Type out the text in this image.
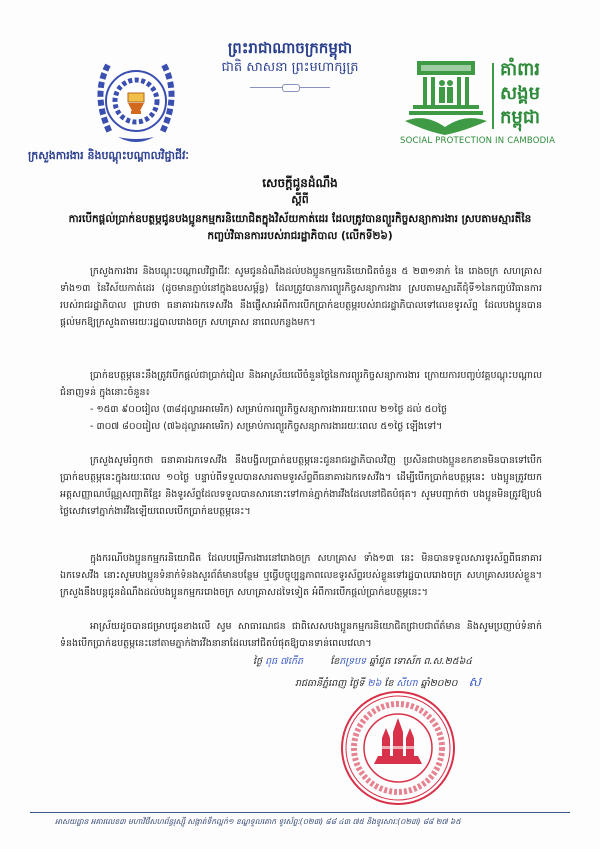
ព្រះរាជាណាចក្រកម្ពុជា
ជាតិ សាសនា ព្រះមហាក្សត្រ	គាំពារ សង្គម កម្ពុជា
SOCIAL PROTECTION IN CAMBODIA
ក្រសួងការងារ និងបណ្តុះបណ្តាលវិជ្ជាជីវៈ
សេចក្តីជូនដំណឹង
ស្តីពី
ការបើកផ្តល់ប្រាក់ឧបត្ថម្ភជូនបងប្អូនកម្មករនិយោជិតក្នុងវិស័យកាត់ដេរ ដែលត្រូវបានព្យួរកិច្ចសន្យាការងារ ស្របតាមស្មារតីនៃកញ្ចប់វិធានការរបស់រាជរដ្ឋាភិបាល (លើកទី២៦)
ក្រសួងការងារ និងបណ្តុះបណ្តាលវិជ្ជាជីវៈ សូមជូនដំណឹងដល់បងប្អូនកម្មករនិយោជិតចំនួន ៥ ២៣១នាក់ នៃ រោងចក្រ សហគ្រាស ទាំង១៣ នៃវិស័យកាត់ដេរ (ដូចមានភ្ជាប់នៅក្នុងឧបសម្ព័ន្ធ) ដែលត្រូវបានការព្យួរកិច្ចសន្យាការងារ ស្របតាមស្មារតីជុំទី១នៃកញ្ចប់វិធានការរបស់រាជរដ្ឋាភិបាល ជ្រាបថា ធនាគារឯកទេសវីង នឹងផ្ញើសារអំពីការបើកប្រាក់ឧបត្ថម្ភរបស់រាជរដ្ឋាភិបាលទៅលេខទូរស័ព្ទ ដែលបងប្អូនបានផ្តល់មកឱ្យក្រសួងតាមរយៈរដ្ឋបាលរោងចក្រ សហគ្រាស នាពេលកន្លងមក។
ប្រាក់ឧបត្ថម្ភនេះនឹងត្រូវបើកផ្តល់ជាប្រាក់រៀល និងអាស្រ័យលើចំនួនថ្ងៃនៃការព្យួរកិច្ចសន្យាការងារ ក្រោយការបញ្ចប់វគ្គបណ្តុះបណ្តាលជំនាញទន់ ក្នុងនោះចំនួន៖
- ១៥៣ ៩០០រៀល (៣៨ដុល្លារអាមេរិក) សម្រាប់ការព្យួរកិច្ចសន្យាការងាររយៈពេល ២១ថ្ងៃ ដល់ ៥០ថ្ងៃ
- ៣០៧ ៨០០រៀល (៧៦ដុល្លារអាមេរិក) សម្រាប់ការព្យួរកិច្ចសន្យាការងាររយៈពេល ៥១ថ្ងៃ ឡើងទៅ។
ក្រសួងសូមរំឭកថា ធនាគារឯកទេសវីង នឹងបង្វិលប្រាក់ឧបត្ថម្ភនេះជូនរាជរដ្ឋាភិបាលវិញ ប្រសិនជាបងប្អូនខកខានមិនបានទៅបើកប្រាក់ឧបត្ថម្ភនេះក្នុងរយៈពេល ១០ថ្ងៃ បន្ទាប់ពីទទួលបានសារតាមទូរស័ព្ទពីធនាគារឯកទេសវីង។ ដើម្បីបើកប្រាក់ឧបត្ថម្ភនេះ បងប្អូនត្រូវយកអត្តសញ្ញាណប័ណ្ណសញ្ជាតិខ្មែរ និងទូរស័ព្ទដែលទទួលបានសារនោះទៅកាន់ភ្នាក់ងារវីងដែលនៅជិតបំផុត។ សូមបញ្ជាក់ថា បងប្អូនមិនត្រូវឱ្យបង់ថ្លៃសេវាទៅភ្នាក់ងារវីងឡើយពេលបើកប្រាក់ឧបត្ថម្ភនេះ។
ក្នុងករណីបងប្អូនកម្មករនិយោជិត ដែលបម្រើការងារនៅរោងចក្រ សហគ្រាស ទាំង១៣ នេះ មិនបានទទួលសារទូរស័ព្ទពីធនាគារឯកទេសវីង នោះសូមបងប្អូនទំនាក់ទំនងសួរព័ត៌មានបន្ថែម ឬធ្វើបច្ចុប្បន្នភាពលេខទូរស័ព្ទរបស់ខ្លួនទៅរដ្ឋបាលរោងចក្រ សហគ្រាសរបស់ខ្លួន។ ក្រសួងនឹងបន្តជូនដំណឹងដល់បងប្អូនកម្មកររោងចក្រ សហគ្រាសដទៃទៀត អំពីការបើកផ្តល់ប្រាក់ឧបត្ថម្ភនេះ។
អាស្រ័យដូចបានជម្រាបជូនខាងលើ សូម សាធារណជន ជាពិសេសបងប្អូនកម្មករនិយោជិតជ្រាបជាព័ត៌មាន និងសូមប្រញាប់ទំនាក់ទំនងបើកប្រាក់ឧបត្ថម្ភនេះនៅតាមភ្នាក់ងារវីងនានាដែលនៅជិតបំផុតឱ្យបានទាន់ពេលវេលា។
ថ្ងៃ ពុធ ៧កើត	ខែភទ្របទ ឆ្នាំជូត ទោស័ក ព.ស.២៥៦៤
រាជធានីភ្នំពេញ ថ្ងៃទី ២៦ ខែ សីហា ឆ្នាំ២០២០ ស
អាសយដ្ឋាន អគារលេខ៣ មហាវិថីសហព័ន្ធរុស្ស៊ី សង្កាត់ទឹកល្អក់១ ខណ្ឌទួលគោក ទូរស័ព្ទៈ(០២៣) ៨៨ ៤៣ ៧៥ និងទូរសារៈ(០២៣) ៨៨ ២៧ ៦៥
